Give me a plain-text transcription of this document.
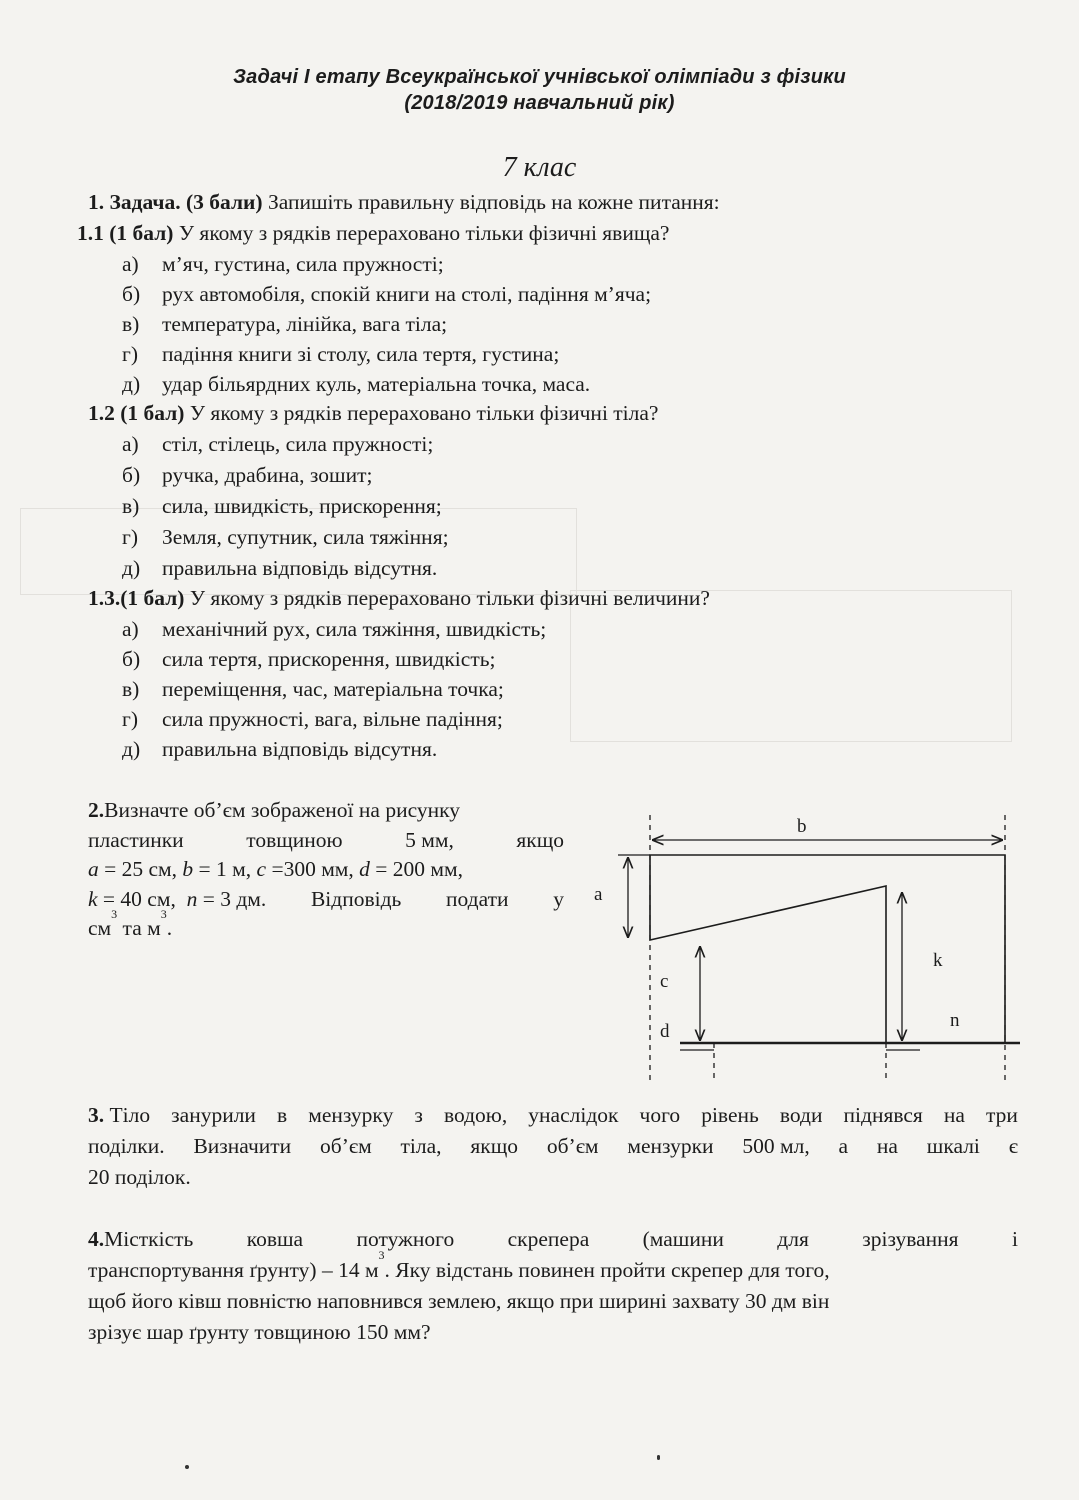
Задачі І етапу Всеукраїнської учнівської олімпіади з фізики
(2018/2019 навчальний рік)
7 клас
1. Задача. (3 бали) Запишіть правильну відповідь на кожне питання:
1.1 (1 бал) У якому з рядків перераховано тільки фізичні явища?
а) м’яч, густина, сила пружності;
б) рух автомобіля, спокій книги на столі, падіння м’яча;
в) температура, лінійка, вага тіла;
г) падіння книги зі столу, сила тертя, густина;
д) удар більярдних куль, матеріальна точка, маса.
1.2 (1 бал) У якому з рядків перераховано тільки фізичні тіла?
а) стіл, стілець, сила пружності;
б) ручка, драбина, зошит;
в) сила, швидкість, прискорення;
г) Земля, супутник, сила тяжіння;
д) правильна відповідь відсутня.
1.3.(1 бал) У якому з рядків перераховано тільки фізичні величини?
а) механічний рух, сила тяжіння, швидкість;
б) сила тертя, прискорення, швидкість;
в) переміщення, час, матеріальна точка;
г) сила пружності, вага, вільне падіння;
д) правильна відповідь відсутня.
2. Визначте об’єм зображеної на рисунку
пластинки	товщиною	5 мм,	якщо
a = 25 см, b = 1 м, c =300 мм, d = 200 мм,
k = 40 см,  n = 3 дм. Відповідь подати у
см
3
та м
3
.
b
a
c
d
k
n
3. Тіло занурили в мензурку з водою, унаслідок чого рівень води піднявся на три
поділки. Визначити об’єм тіла, якщо об’єм мензурки 500 мл, а на шкалі є
20 поділок.
4.Місткість ковша потужного скрепера (машини для зрізування і
транспортування ґрунту) – 14 м
3
. Яку відстань повинен пройти скрепер для того,
щоб його ківш повністю наповнився землею, якщо при ширині захвату 30 дм він
зрізує шар ґрунту товщиною 150 мм?
